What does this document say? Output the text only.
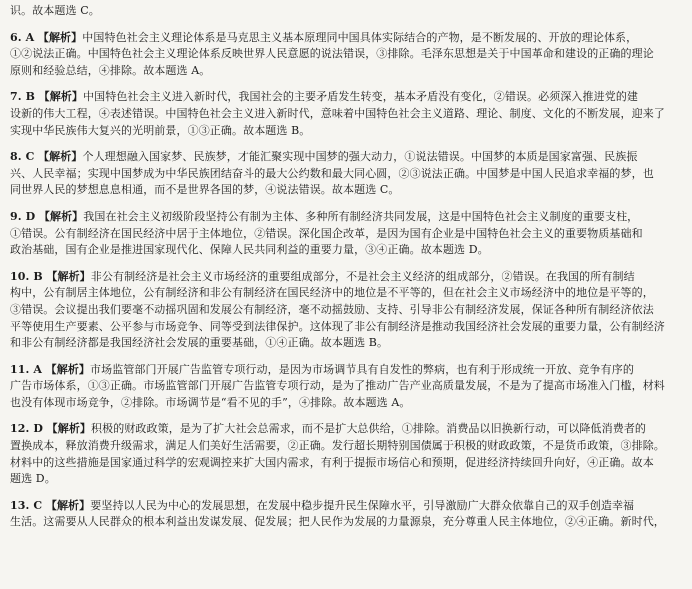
识。故本题选 C。
6. A 【解析】中国特色社会主义理论体系是马克思主义基本原理同中国具体实际结合的产物，是不断发展的、开放的理论体系，
①②说法正确。中国特色社会主义理论体系反映世界人民意愿的说法错误，③排除。毛泽东思想是关于中国革命和建设的正确的理论
原则和经验总结，④排除。故本题选 A。
7. B 【解析】中国特色社会主义进入新时代，我国社会的主要矛盾发生转变，基本矛盾没有变化，②错误。必须深入推进党的建
设新的伟大工程，④表述错误。中国特色社会主义进入新时代，意味着中国特色社会主义道路、理论、制度、文化的不断发展，迎来了
实现中华民族伟大复兴的光明前景，①③正确。故本题选 B。
8. C 【解析】个人理想融入国家梦、民族梦，才能汇聚实现中国梦的强大动力，①说法错误。中国梦的本质是国家富强、民族振
兴、人民幸福；实现中国梦成为中华民族团结奋斗的最大公约数和最大同心圆，②③说法正确。中国梦是中国人民追求幸福的梦，也
同世界人民的梦想息息相通，而不是世界各国的梦，④说法错误。故本题选 C。
9. D 【解析】我国在社会主义初级阶段坚持公有制为主体、多种所有制经济共同发展，这是中国特色社会主义制度的重要支柱，
①错误。公有制经济在国民经济中居于主体地位，②错误。深化国企改革，是因为国有企业是中国特色社会主义的重要物质基础和
政治基础，国有企业是推进国家现代化、保障人民共同利益的重要力量，③④正确。故本题选 D。
10. B 【解析】非公有制经济是社会主义市场经济的重要组成部分，不是社会主义经济的组成部分，②错误。在我国的所有制结
构中，公有制居主体地位，公有制经济和非公有制经济在国民经济中的地位是不平等的，但在社会主义市场经济中的地位是平等的，
③错误。会议提出我们要毫不动摇巩固和发展公有制经济，毫不动摇鼓励、支持、引导非公有制经济发展，保证各种所有制经济依法
平等使用生产要素、公平参与市场竞争、同等受到法律保护。这体现了非公有制经济是推动我国经济社会发展的重要力量，公有制经济
和非公有制经济都是我国经济社会发展的重要基础，①④正确。故本题选 B。
11. A 【解析】市场监管部门开展广告监管专项行动，是因为市场调节具有自发性的弊病，也有利于形成统一开放、竞争有序的
广告市场体系，①③正确。市场监管部门开展广告监管专项行动，是为了推动广告产业高质量发展，不是为了提高市场准入门槛，材料
也没有体现市场竞争，②排除。市场调节是“看不见的手”，④排除。故本题选 A。
12. D 【解析】积极的财政政策，是为了扩大社会总需求，而不是扩大总供给，①排除。消费品以旧换新行动，可以降低消费者的
置换成本，释放消费升级需求，满足人们美好生活需要，②正确。发行超长期特别国债属于积极的财政政策，不是货币政策，③排除。
材料中的这些措施是国家通过科学的宏观调控来扩大国内需求，有利于提振市场信心和预期，促进经济持续回升向好，④正确。故本
题选 D。
13. C 【解析】要坚持以人民为中心的发展思想，在发展中稳步提升民生保障水平，引导激励广大群众依靠自己的双手创造幸福
生活。这需要从人民群众的根本利益出发谋发展、促发展；把人民作为发展的力量源泉，充分尊重人民主体地位，②④正确。新时代，
